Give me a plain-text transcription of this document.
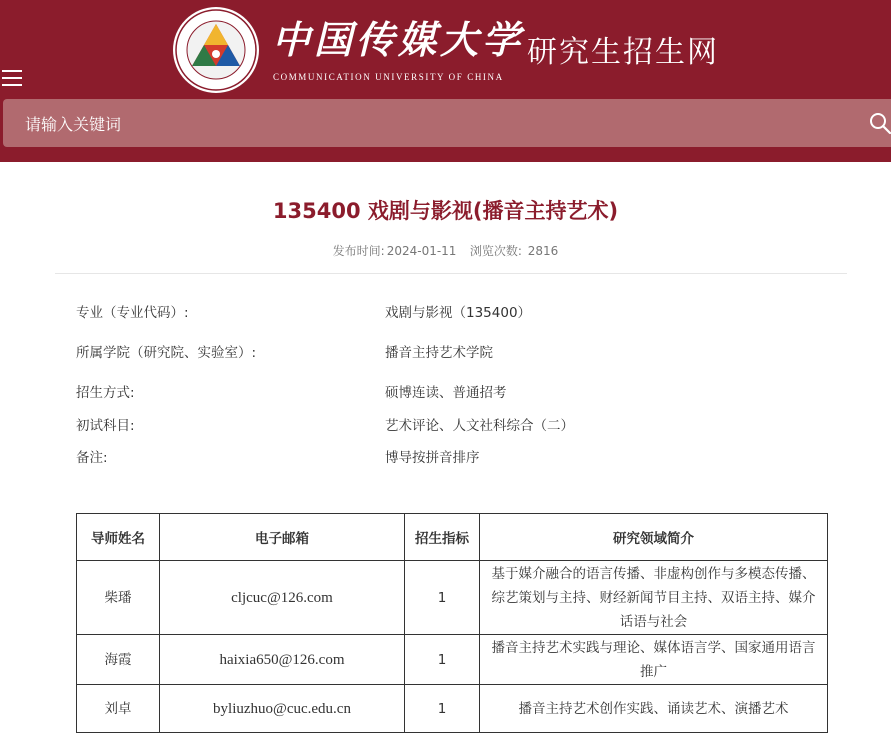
中国传媒大学
COMMUNICATION UNIVERSITY OF CHINA
研究生招生网
请输入关键词
135400 戏剧与影视(播音主持艺术)
发布时间: 2024-01-11 浏览次数: 2816
专业（专业代码）:	戏剧与影视（135400）
所属学院（研究院、实验室）:	播音主持艺术学院
招生方式:	硕博连读、普通招考
初试科目:	艺术评论、人文社科综合（二）
备注:	博导按拼音排序
导师姓名	电子邮箱	招生指标	研究领域简介
柴璠	cljcuc@126.com	1	基于媒介融合的语言传播、非虚构创作与多模态传播、综艺策划与主持、财经新闻节目主持、双语主持、媒介话语与社会
海霞	haixia650@126.com	1	播音主持艺术实践与理论、媒体语言学、国家通用语言推广
刘卓	byliuzhuo@cuc.edu.cn	1	播音主持艺术创作实践、诵读艺术、演播艺术
